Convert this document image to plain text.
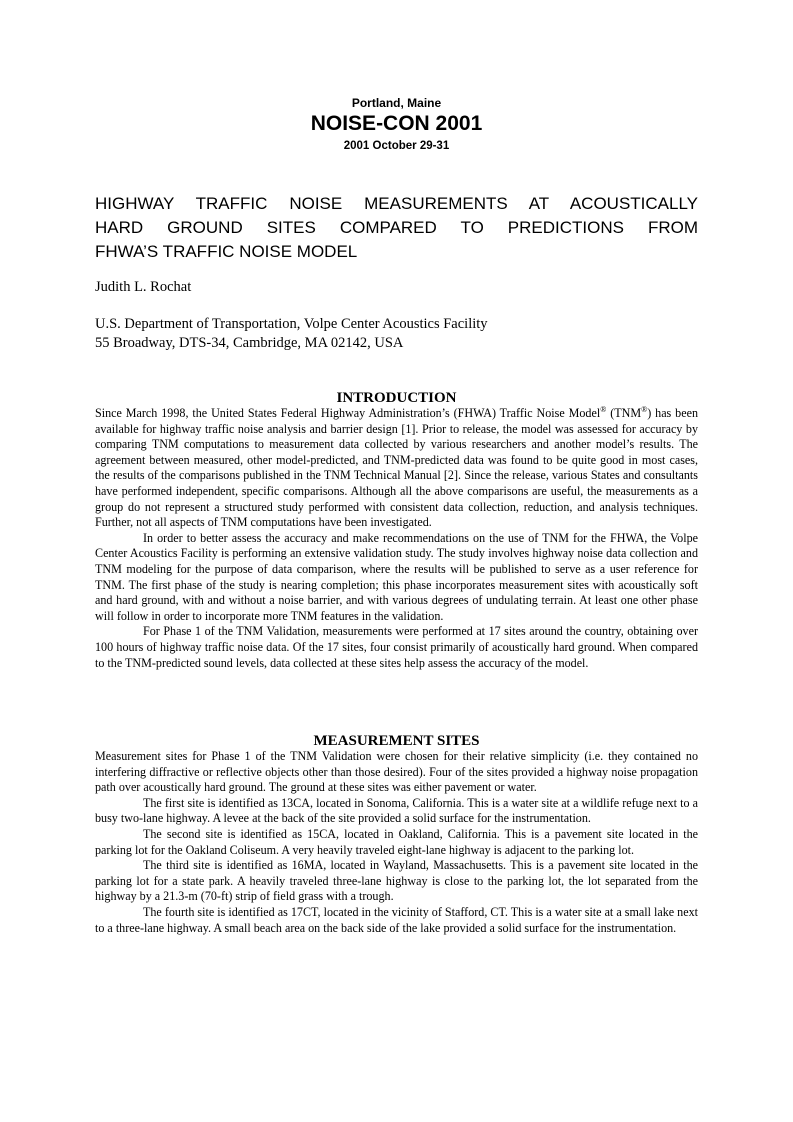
Portland, Maine
NOISE-CON 2001
2001 October 29-31
HIGHWAY TRAFFIC NOISE MEASUREMENTS AT ACOUSTICALLY
HARD GROUND SITES COMPARED TO PREDICTIONS FROM
FHWA’S TRAFFIC NOISE MODEL
Judith L. Rochat
U.S. Department of Transportation, Volpe Center Acoustics Facility
55 Broadway, DTS-34, Cambridge, MA 02142, USA
INTRODUCTION

Since March 1998, the United States Federal Highway Administration’s (FHWA) Traffic Noise Model® (TNM®) has been available for highway traffic noise analysis and barrier design [1]. Prior to release, the model was assessed for accuracy by comparing TNM computations to measurement data collected by various researchers and another model’s results. The agreement between measured, other model-predicted, and TNM-predicted data was found to be quite good in most cases, the results of the comparisons published in the TNM Technical Manual [2]. Since the release, various States and consultants have performed independent, specific comparisons. Although all the above comparisons are useful, the measurements as a group do not represent a structured study performed with consistent data collection, reduction, and analysis techniques. Further, not all aspects of TNM computations have been investigated.

In order to better assess the accuracy and make recommendations on the use of TNM for the FHWA, the Volpe Center Acoustics Facility is performing an extensive validation study. The study involves highway noise data collection and TNM modeling for the purpose of data comparison, where the results will be published to serve as a user reference for TNM. The first phase of the study is nearing completion; this phase incorporates measurement sites with acoustically soft and hard ground, with and without a noise barrier, and with various degrees of undulating terrain. At least one other phase will follow in order to incorporate more TNM features in the validation.

For Phase 1 of the TNM Validation, measurements were performed at 17 sites around the country, obtaining over 100 hours of highway traffic noise data. Of the 17 sites, four consist primarily of acoustically hard ground. When compared to the TNM-predicted sound levels, data collected at these sites help assess the accuracy of the model.

MEASUREMENT SITES

Measurement sites for Phase 1 of the TNM Validation were chosen for their relative simplicity (i.e. they contained no interfering diffractive or reflective objects other than those desired). Four of the sites provided a highway noise propagation path over acoustically hard ground. The ground at these sites was either pavement or water.

The first site is identified as 13CA, located in Sonoma, California. This is a water site at a wildlife refuge next to a busy two-lane highway. A levee at the back of the site provided a solid surface for the instrumentation.

The second site is identified as 15CA, located in Oakland, California. This is a pavement site located in the parking lot for the Oakland Coliseum. A very heavily traveled eight-lane highway is adjacent to the parking lot.

The third site is identified as 16MA, located in Wayland, Massachusetts. This is a pavement site located in the parking lot for a state park. A heavily traveled three-lane highway is close to the parking lot, the lot separated from the highway by a 21.3-m (70-ft) strip of field grass with a trough.

The fourth site is identified as 17CT, located in the vicinity of Stafford, CT. This is a water site at a small lake next to a three-lane highway. A small beach area on the back side of the lake provided a solid surface for the instrumentation.
